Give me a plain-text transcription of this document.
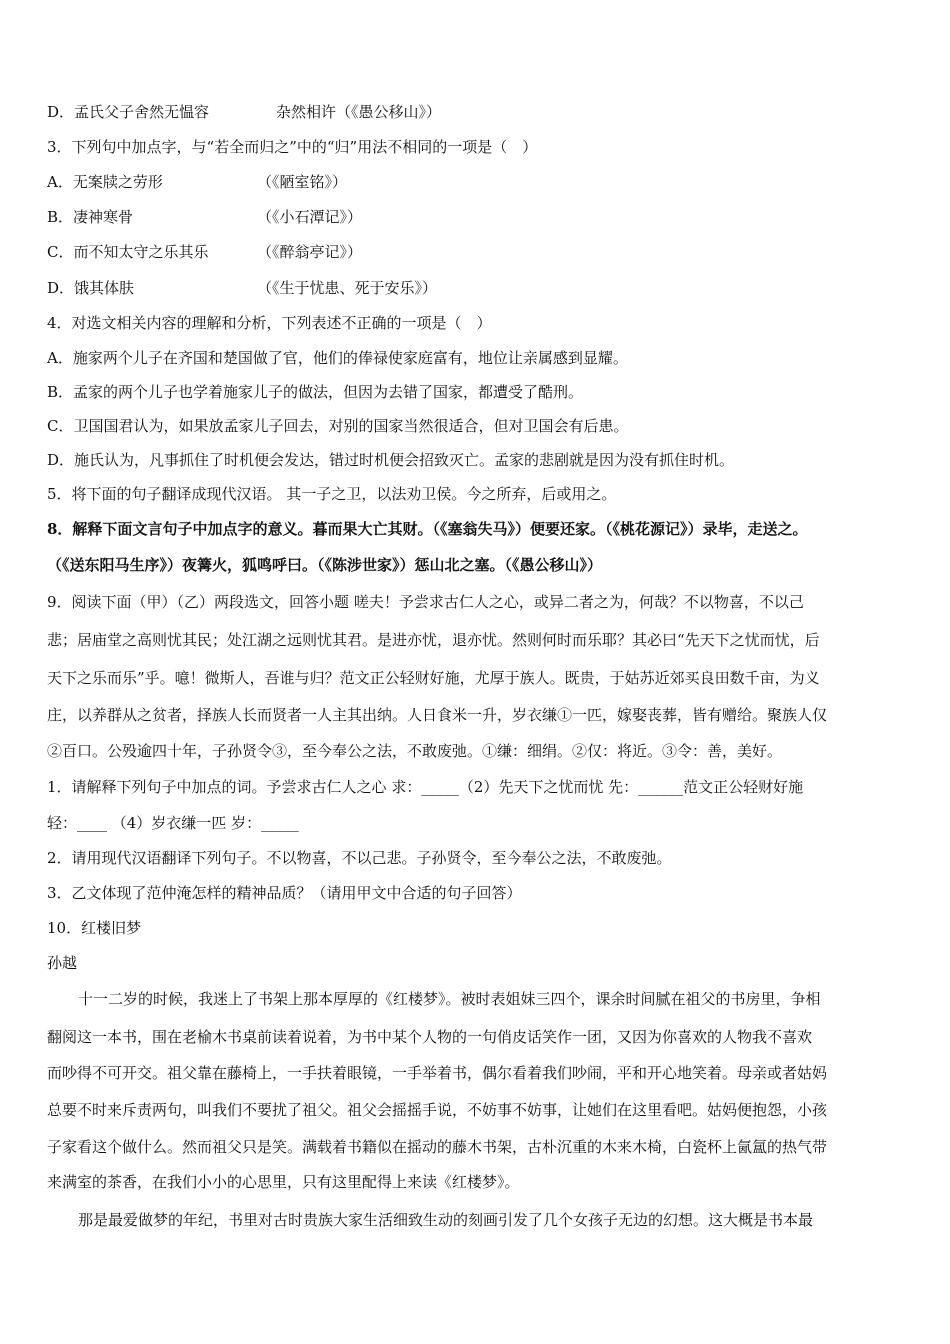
D．孟氏父子舍然无愠容	杂然相许（《愚公移山》）
3．下列句中加点字，与“若全而归之”中的“归”用法不相同的一项是（　）
A．无案牍之劳形	（《陋室铭》）
B．凄神寒骨	（《小石潭记》）
C．而不知太守之乐其乐	（《醉翁亭记》）
D．饿其体肤	（《生于忧患、死于安乐》）
4．对选文相关内容的理解和分析，下列表述不正确的一项是（　）
A．施家两个儿子在齐国和楚国做了官，他们的俸禄使家庭富有，地位让亲属感到显耀。
B．孟家的两个儿子也学着施家儿子的做法，但因为去错了国家，都遭受了酷刑。
C．卫国国君认为，如果放孟家儿子回去，对别的国家当然很适合，但对卫国会有后患。
D．施氏认为，凡事抓住了时机便会发达，错过时机便会招致灭亡。孟家的悲剧就是因为没有抓住时机。
5．将下面的句子翻译成现代汉语。 其一子之卫，以法劝卫侯。今之所弃，后或用之。
8．解释下面文言句子中加点字的意义。暮而果大亡其财。（《塞翁失马》）便要还家。（《桃花源记》）录毕，走送之。
（《送东阳马生序》）夜篝火，狐鸣呼曰。（《陈涉世家》）惩山北之塞。（《愚公移山》）
9．阅读下面（甲）（乙）两段选文，回答小题 嗟夫！予尝求古仁人之心，或异二者之为，何哉？不以物喜，不以己
悲；居庙堂之高则忧其民；处江湖之远则忧其君。是进亦忧，退亦忧。然则何时而乐耶？其必曰“先天下之忧而忧，后
天下之乐而乐”乎。噫！微斯人，吾谁与归？范文正公轻财好施，尤厚于族人。既贵，于姑苏近郊买良田数千亩，为义
庄，以养群从之贫者，择族人长而贤者一人主其出纳。人日食米一升，岁衣缣①一匹，嫁娶丧葬，皆有赠给。聚族人仅
②百口。公殁逾四十年，子孙贤令③，至今奉公之法，不敢废弛。①缣：细绢。②仅：将近。③令：善，美好。
1．请解释下列句子中加点的词。予尝求古仁人之心 求：_____（2）先天下之忧而忧 先：______范文正公轻财好施
轻：____ （4）岁衣缣一匹 岁：_____
2．请用现代汉语翻译下列句子。不以物喜，不以己悲。子孙贤令，至今奉公之法，不敢废弛。
3．乙文体现了范仲淹怎样的精神品质？（请用甲文中合适的句子回答）
10．红楼旧梦
孙越
十一二岁的时候，我迷上了书架上那本厚厚的《红楼梦》。被时表姐妹三四个，课余时间腻在祖父的书房里，争相
翻阅这一本书，围在老榆木书桌前读着说着，为书中某个人物的一句俏皮话笑作一团，又因为你喜欢的人物我不喜欢
而吵得不可开交。祖父靠在藤椅上，一手扶着眼镜，一手举着书，偶尔看着我们吵闹，平和开心地笑着。母亲或者姑妈
总要不时来斥责两句，叫我们不要扰了祖父。祖父会摇摇手说，不妨事不妨事，让她们在这里看吧。姑妈便抱怨，小孩
子家看这个做什么。然而祖父只是笑。满载着书籍似在摇动的藤木书架，古朴沉重的木来木椅，白瓷杯上氤氲的热气带
来满室的茶香，在我们小小的心思里，只有这里配得上来读《红楼梦》。
那是最爱做梦的年纪，书里对古时贵族大家生活细致生动的刻画引发了几个女孩子无边的幻想。这大概是书本最
